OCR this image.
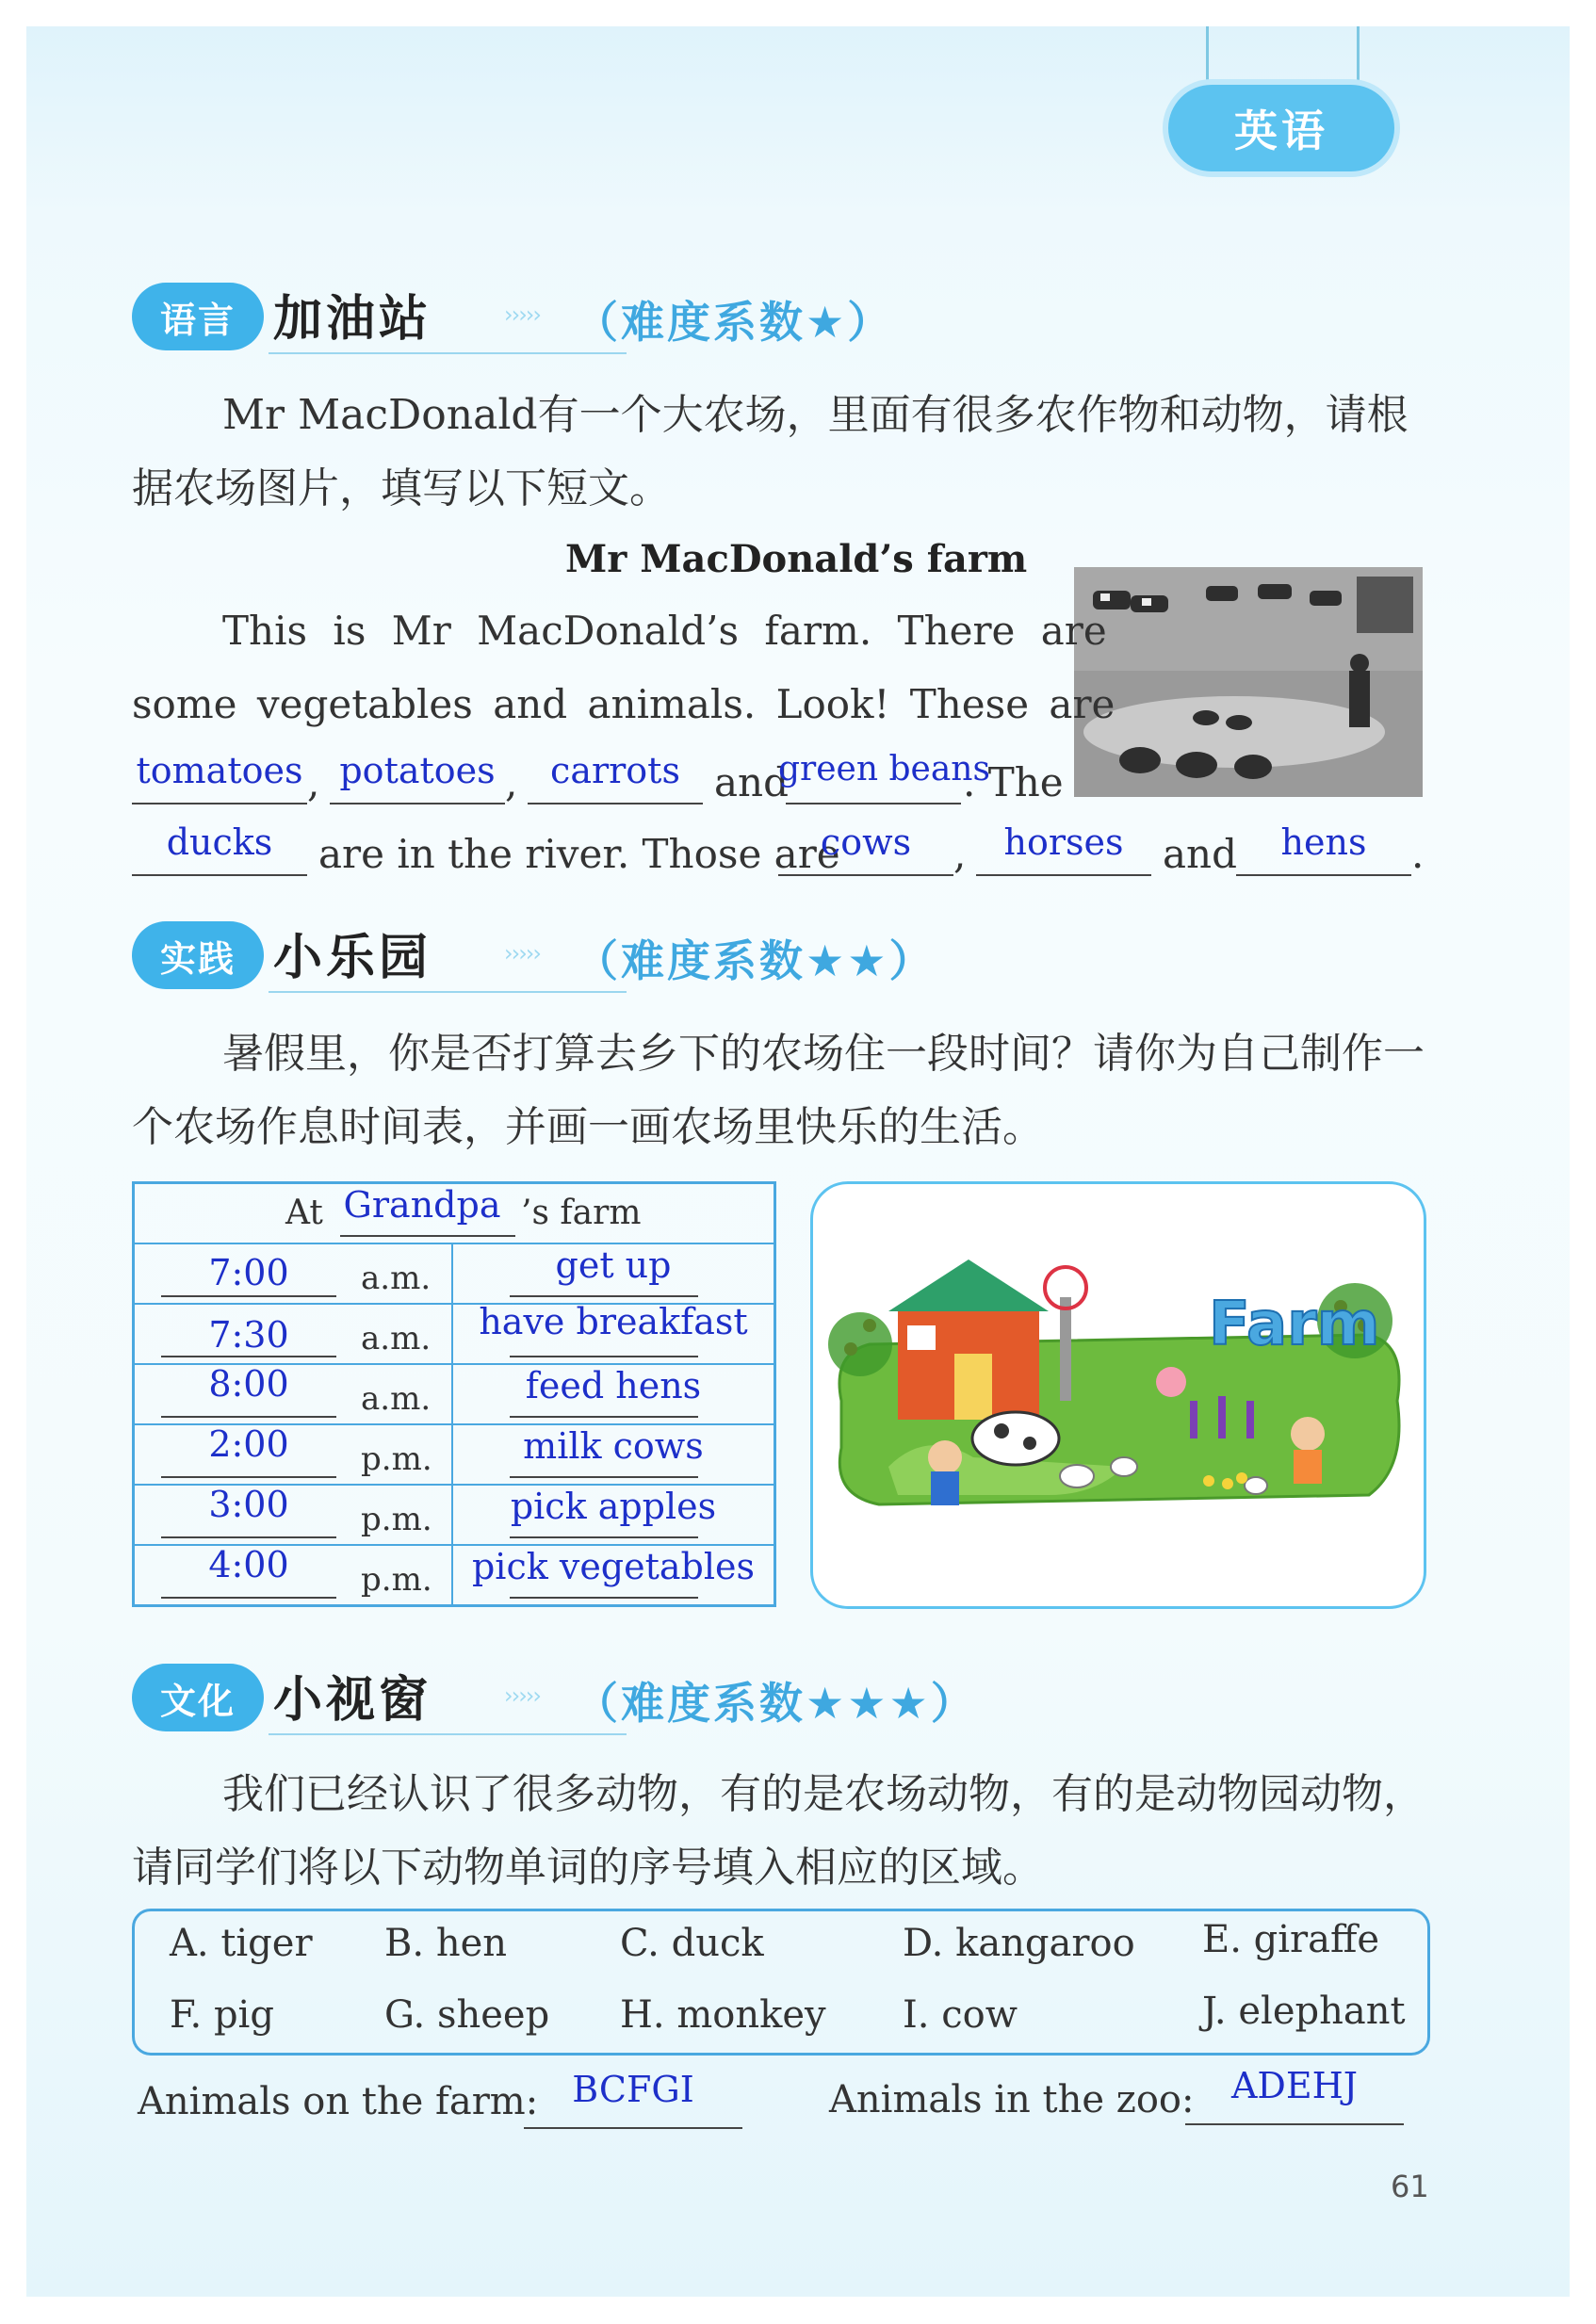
英语
语言 加油站	››››› （难度系数★）
Mr MacDonald有一个大农场，里面有很多农作物和动物，请根据农场图片，填写以下短文。
Mr MacDonald’s farm
This is Mr MacDonald’s farm. There are
some vegetables and animals. Look! These are
tomatoes , potatoes , carrots and
green beans
. The
ducks	are in the river. Those are
cows	,	horses and	hens	.
实践 小乐园	››››› （难度系数★★）
暑假里，你是否打算去乡下的农场住一段时间？请你为自己制作一个农场作息时间表，并画一画农场里快乐的生活。
At Grandpa ’s farm	

7:00 a.m.	get up

7:30 a.m.	have breakfast

8:00 a.m.	feed hens

2:00 p.m.	milk cows

3:00 p.m.	pick apples

4:00 p.m.	pick vegetables
Farm
文化 小视窗	››››› （难度系数★★★）
我们已经认识了很多动物，有的是农场动物，有的是动物园动物，请同学们将以下动物单词的序号填入相应的区域。
A. tiger B. hen	C. duck	D. kangaroo E. giraffe
F. pig	G. sheep H. monkey I. cow	J. elephant
Animals on the farm: BCFGI	Animals in the zoo:	ADEHJ
61
